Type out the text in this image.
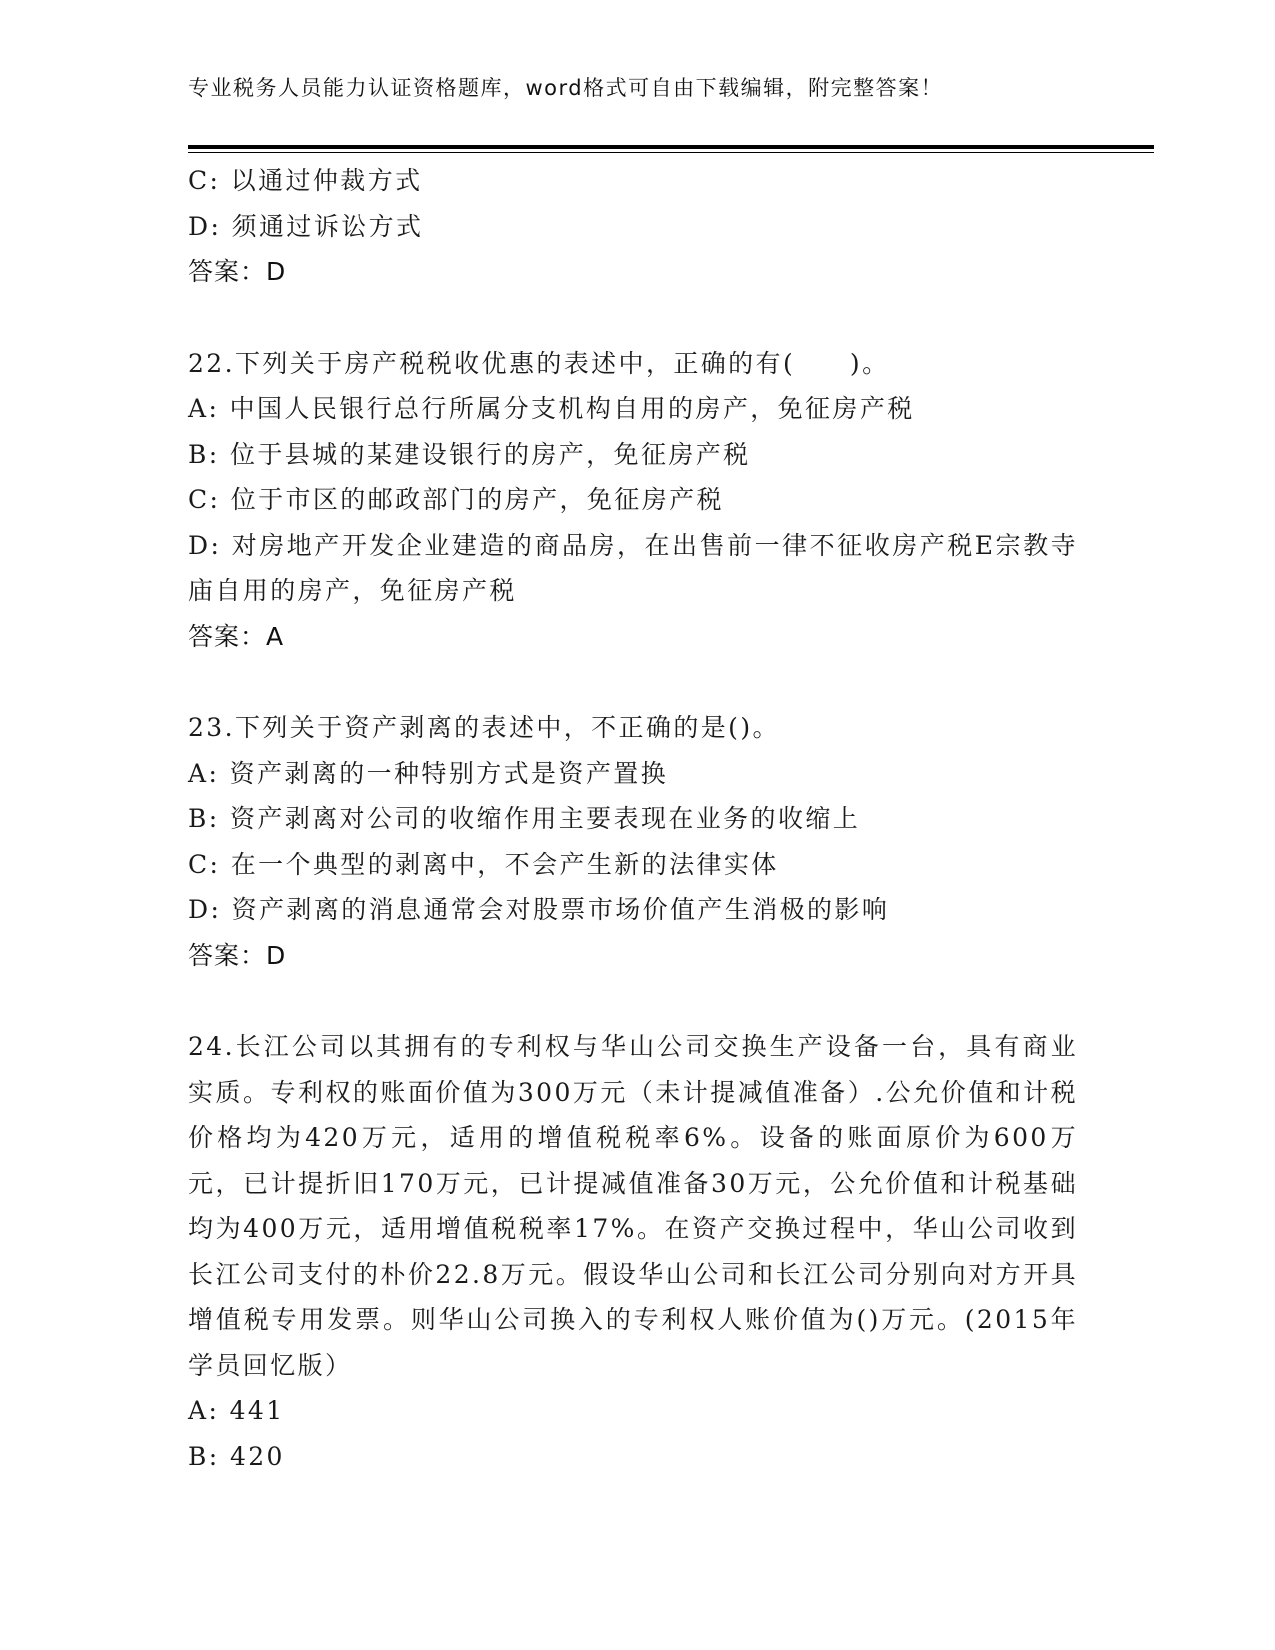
专业税务人员能力认证资格题库，word格式可自由下载编辑，附完整答案！

C: 以通过仲裁方式

D: 须通过诉讼方式

答案：D

22.下列关于房产税税收优惠的表述中，正确的有(　　)。

A: 中国人民银行总行所属分支机构自用的房产，免征房产税

B: 位于县城的某建设银行的房产，免征房产税

C: 位于市区的邮政部门的房产，免征房产税

D: 对房地产开发企业建造的商品房，在出售前一律不征收房产税E宗教寺庙自用的房产，免征房产税

答案：A

23.下列关于资产剥离的表述中，不正确的是()。

A: 资产剥离的一种特别方式是资产置换

B: 资产剥离对公司的收缩作用主要表现在业务的收缩上

C: 在一个典型的剥离中，不会产生新的法律实体

D: 资产剥离的消息通常会对股票市场价值产生消极的影响

答案：D

24.长江公司以其拥有的专利权与华山公司交换生产设备一台，具有商业实质。专利权的账面价值为300万元（未计提减值准备）.公允价值和计税价格均为420万元，适用的增值税税率6%。设备的账面原价为600万元，已计提折旧170万元，已计提减值准备30万元，公允价值和计税基础均为400万元，适用增值税税率17%。在资产交换过程中，华山公司收到长江公司支付的朴价22.8万元。假设华山公司和长江公司分别向对方开具增值税专用发票。则华山公司换入的专利权人账价值为()万元。(2015年学员回忆版）

A: 441

B: 420
